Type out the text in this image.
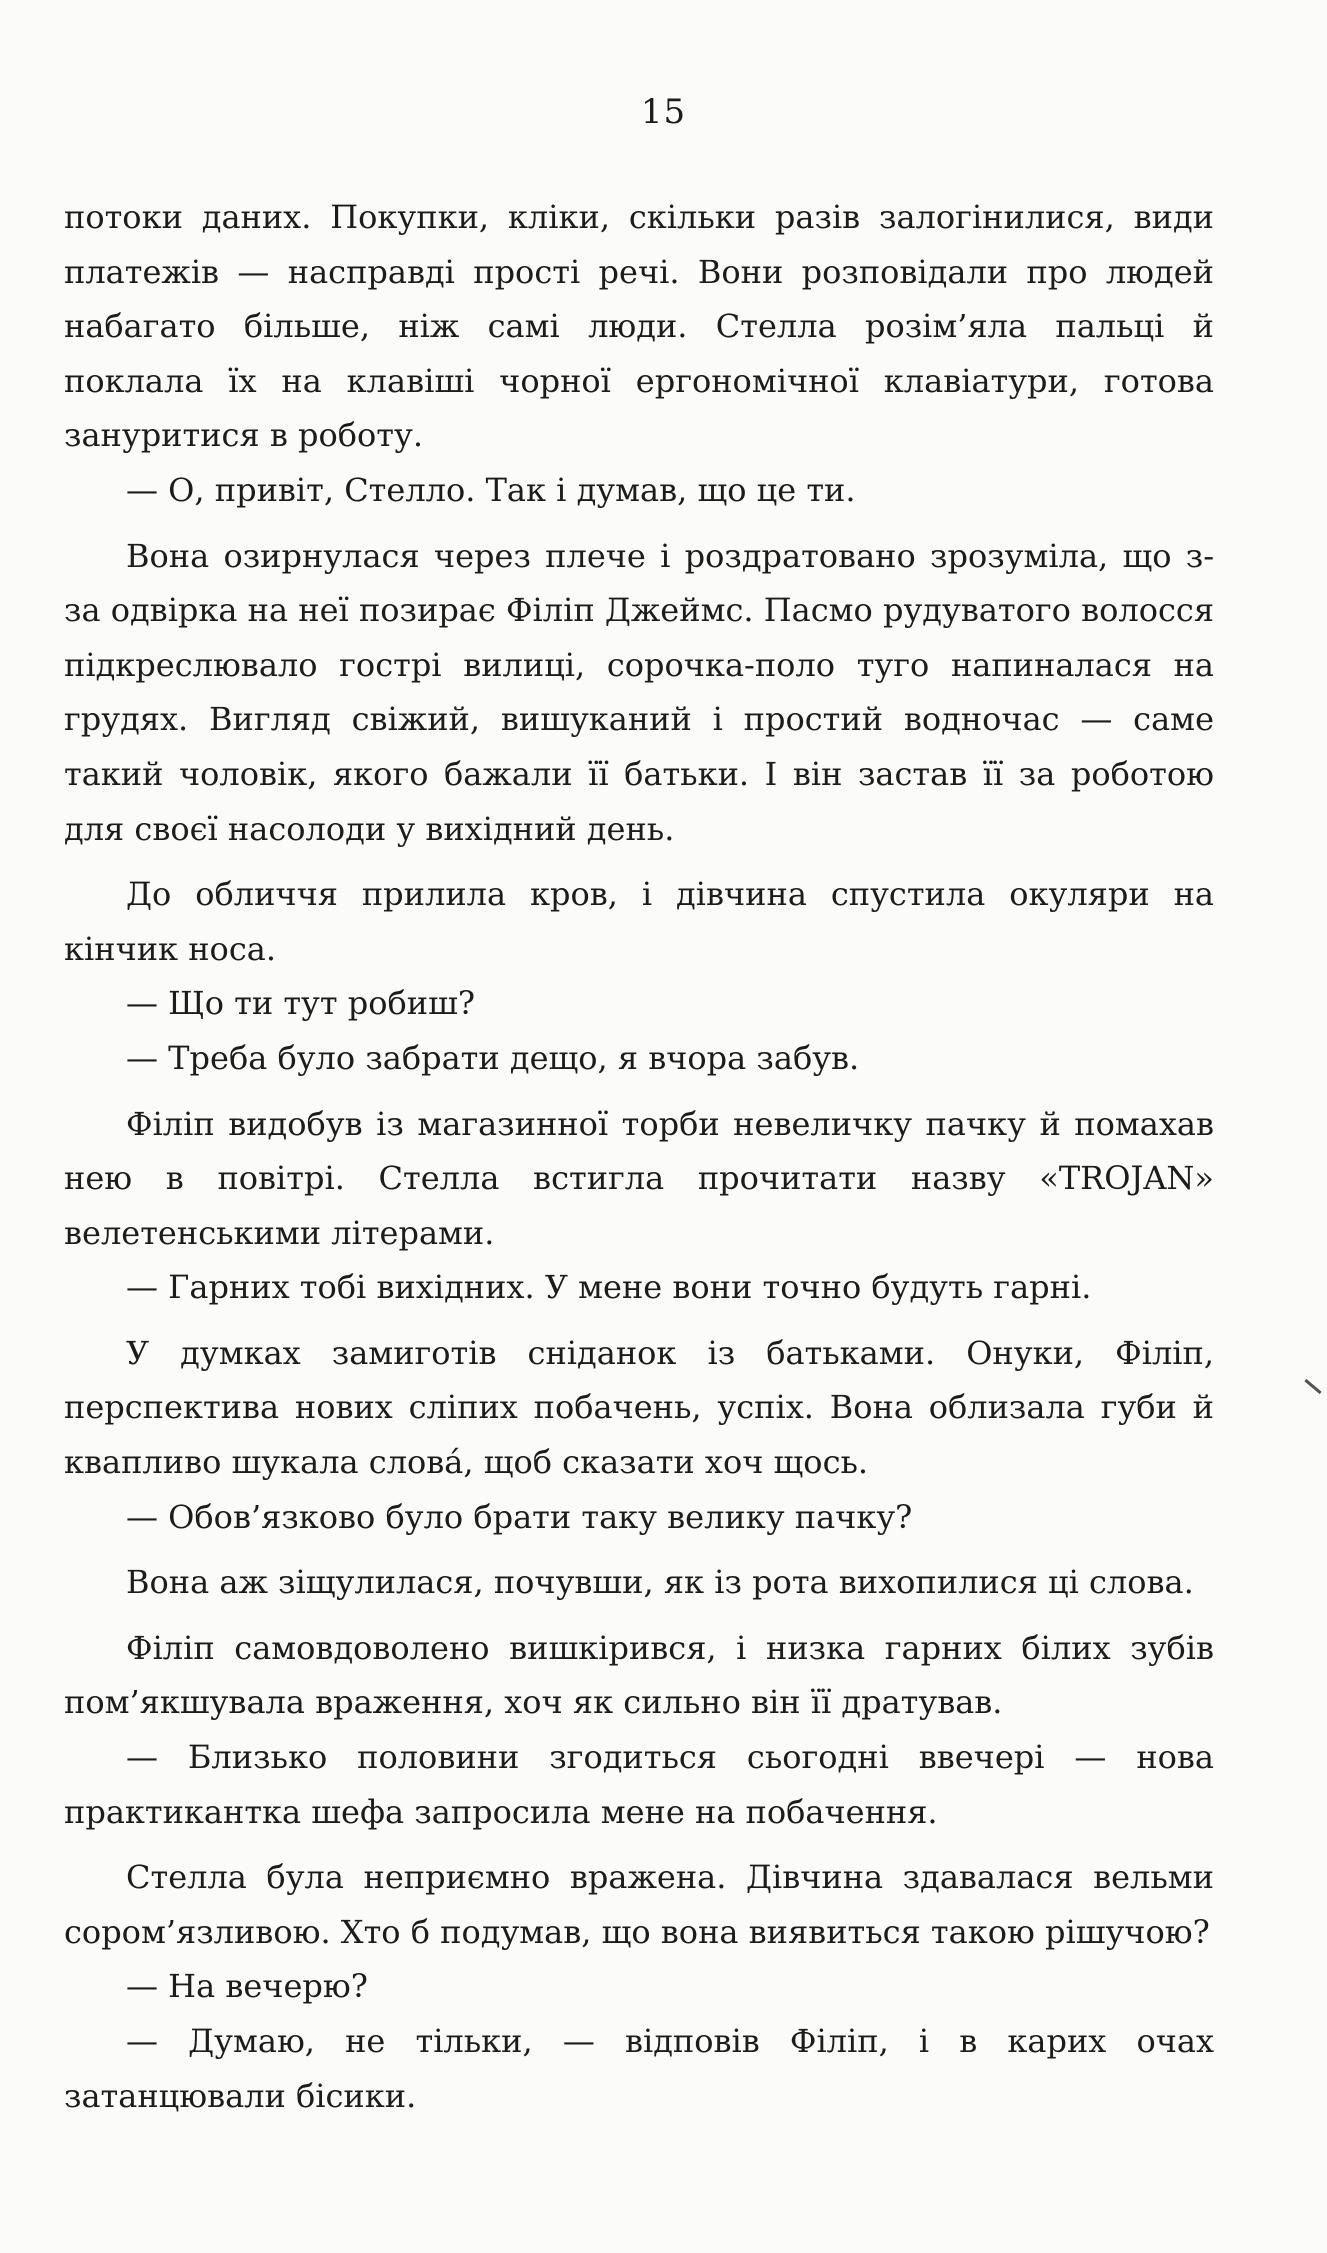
15

потоки даних. Покупки, кліки, скільки разів залогінилися, види платежів — насправді прості речі. Вони розповідали про людей набагато більше, ніж самі люди. Стелла розім’яла пальці й поклала їх на клавіші чорної ергономічної клавіатури, готова зануритися в роботу.

— О, привіт, Стелло. Так і думав, що це ти.

Вона озирнулася через плече і роздратовано зрозуміла, що з-за одвірка на неї позирає Філіп Джеймс. Пасмо рудуватого волосся підкреслювало гострі вилиці, сорочка-поло туго напиналася на грудях. Вигляд свіжий, вишуканий і простий водночас — саме такий чоловік, якого бажали її батьки. І він застав її за роботою для своєї насолоди у вихідний день.

До обличчя прилила кров, і дівчина спустила окуляри на кінчик носа.

— Що ти тут робиш?

— Треба було забрати дещо, я вчора забув.

Філіп видобув із магазинної торби невеличку пачку й помахав нею в повітрі. Стелла встигла прочитати назву «TROJAN» велетенськими літерами.

— Гарних тобі вихідних. У мене вони точно будуть гарні.

У думках замиготів сніданок із батьками. Онуки, Філіп, перспектива нових сліпих побачень, успіх. Вона облизала губи й квапливо шукала слова́, щоб сказати хоч щось.

— Обов’язково було брати таку велику пачку?

Вона аж зіщулилася, почувши, як із рота вихопилися ці слова.

Філіп самовдоволено вишкірився, і низка гарних білих зубів пом’якшувала враження, хоч як сильно він її дратував.

— Близько половини згодиться сьогодні ввечері — нова практикантка шефа запросила мене на побачення.

Стелла була неприємно вражена. Дівчина здавалася вельми сором’язливою. Хто б подумав, що вона виявиться такою рішучою?

— На вечерю?

— Думаю, не тільки, — відповів Філіп, і в карих очах затанцювали бісики.
